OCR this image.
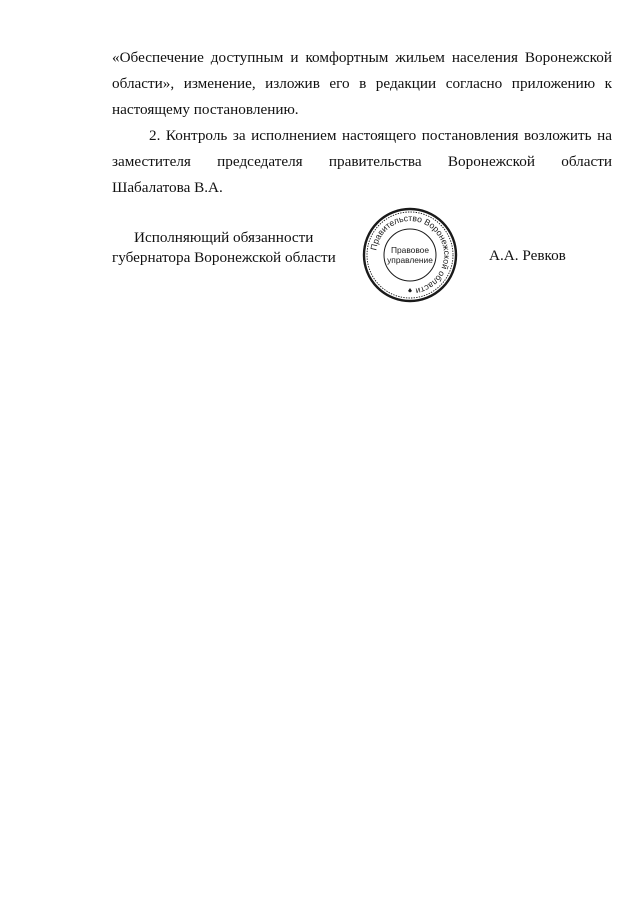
«Обеспечение доступным и комфортным жильем населения Воронежской
области», изменение, изложив его в редакции согласно приложению к
настоящему постановлению.
2. Контроль за исполнением настоящего постановления возложить на
заместителя председателя правительства Воронежской области
Шабалатова В.А.
Исполняющий обязанности
губернатора Воронежской области
Правительство Воронежской области
Правовое
управление	А.А. Ревков
